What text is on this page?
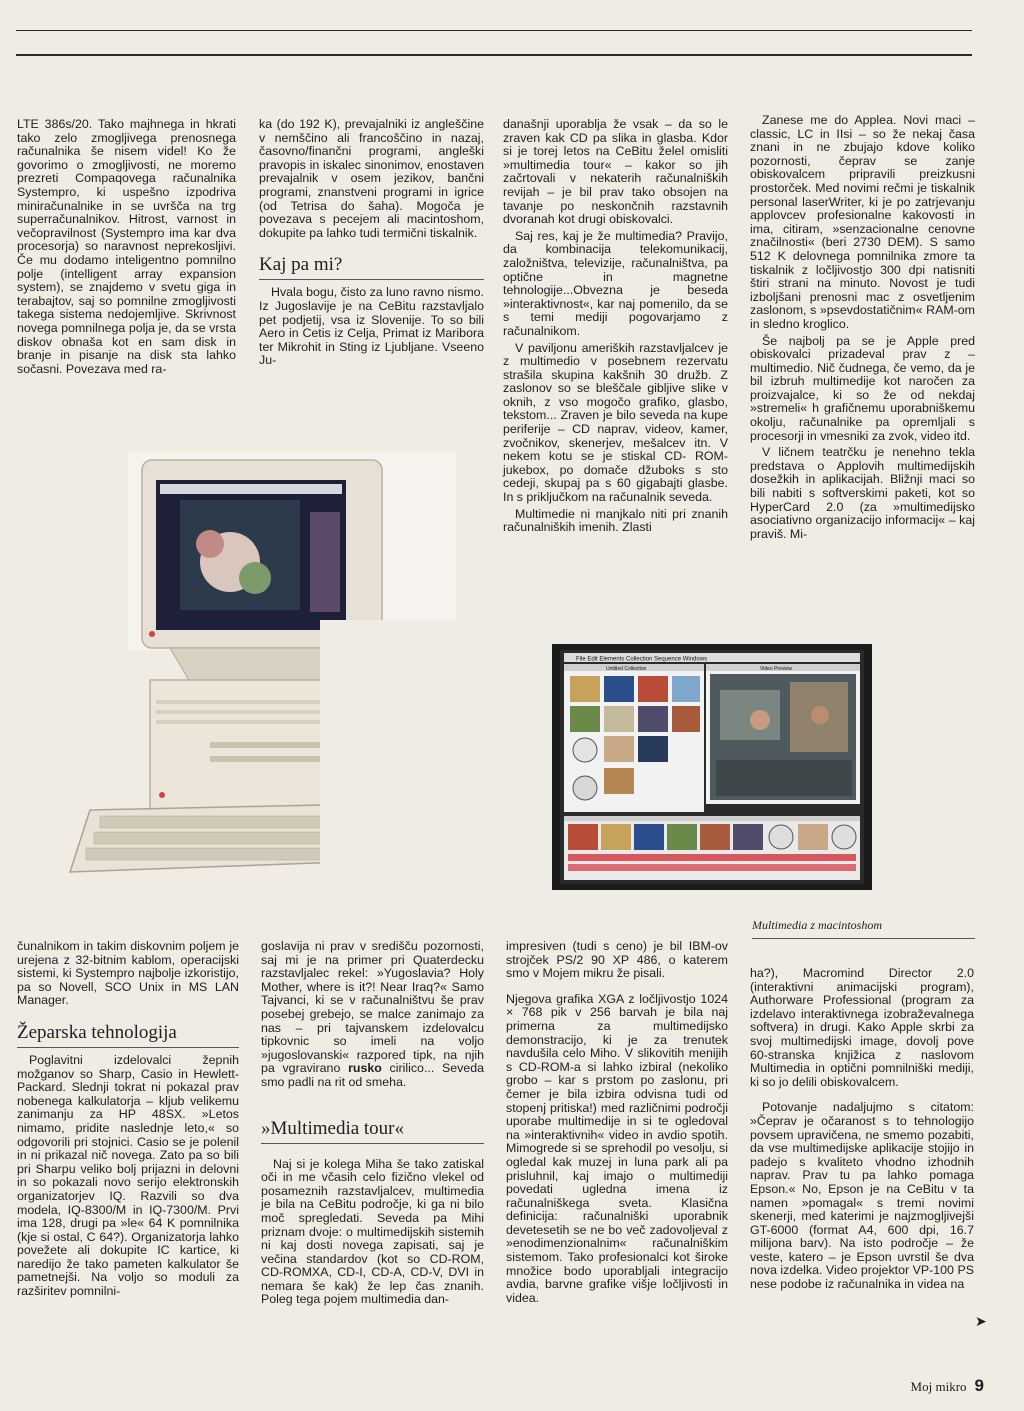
LTE 386s/20. Tako majhnega in hkrati tako zelo zmogljivega prenosnega računalnika še nisem videl! Ko že govorimo o zmogljivosti, ne moremo prezreti Compaqovega računalnika Systempro, ki uspešno izpodriva miniračunalnike in se uvršča na trg superračunalnikov. Hitrost, varnost in večopravilnost (Systempro ima kar dva procesorja) so naravnost neprekosljivi. Če mu dodamo inteligentno pomnilno polje (intelligent array expansion system), se znajdemo v svetu giga in terabajtov, saj so pomnilne zmogljivosti takega sistema nedojemljive. Skrivnost novega pomnilnega polja je, da se vrsta diskov obnaša kot en sam disk in branje in pisanje na disk sta lahko sočasni. Povezava med ra-

ka (do 192 K), prevajalniki iz angleščine v nemščino ali francoščino in nazaj, časovno/finančni programi, angleški pravopis in iskalec sinonimov, enostaven prevajalnik v osem jezikov, bančni programi, znanstveni programi in igrice (od Tetrisa do šaha). Mogoča je povezava s pecejem ali macintoshom, dokupite pa lahko tudi termični tiskalnik.

Kaj pa mi?

Hvala bogu, čisto za luno ravno nismo. Iz Jugoslavije je na CeBitu razstavljalo pet podjetij, vsa iz Slovenije. To so bili Aero in Cetis iz Celja, Primat iz Maribora ter Mikrohit in Sting iz Ljubljane. Vseeno Ju-

današnji uporablja že vsak – da so le zraven kak CD pa slika in glasba. Kdor si je torej letos na CeBitu želel omisliti »multimedia tour« – kakor so jih začrtovali v nekaterih računalniških revijah – je bil prav tako obsojen na tavanje po neskončnih razstavnih dvoranah kot drugi obiskovalci.

Saj res, kaj je že multimedia? Pravijo, da kombinacija telekomunikacij, založništva, televizije, računalništva, pa optične in magnetne tehnologije...Obvezna je beseda »interaktivnost«, kar naj pomenilo, da se s temi mediji pogovarjamo z računalnikom.

V paviljonu ameriških razstavljalcev je z multimedio v posebnem rezervatu strašila skupina kakšnih 30 družb. Z zaslonov so se bleščale gibljive slike v oknih, z vso mogočo grafiko, glasbo, tekstom... Zraven je bilo seveda na kupe periferije – CD naprav, videov, kamer, zvočnikov, skenerjev, mešalcev itn. V nekem kotu se je stiskal CD- ROM-jukebox, po domače džuboks s sto cedeji, skupaj pa s 60 gigabajti glasbe. In s priključkom na računalnik seveda.

Multimedie ni manjkalo niti pri znanih računalniških imenih. Zlasti

Zanese me do Applea. Novi maci – classic, LC in IIsi – so že nekaj časa znani in ne zbujajo kdove koliko pozornosti, čeprav se zanje obiskovalcem pripravili preizkusni prostorček. Med novimi rečmi je tiskalnik personal laserWriter, ki je po zatrjevanju applovcev profesionalne kakovosti in ima, citiram, »senzacionalne cenovne značilnosti« (beri 2730 DEM). S samo 512 K delovnega pomnilnika zmore ta tiskalnik z ločljivostjo 300 dpi natisniti štiri strani na minuto. Novost je tudi izboljšani prenosni mac z osvetljenim zaslonom, s »psevdostatičnim« RAM-om in sledno kroglico.

Še najbolj pa se je Apple pred obiskovalci prizadeval prav z – multimedio. Nič čudnega, če vemo, da je bil izbruh multimedije kot naročen za proizvajalce, ki so že od nekdaj »stremeli« h grafičnemu uporabniškemu okolju, računalnike pa opremljali s procesorji in vmesniki za zvok, video itd.

V ličnem teatrčku je nenehno tekla predstava o Applovih multimedijskih dosežkih in aplikacijah. Bližnji maci so bili nabiti s softverskimi paketi, kot so HyperCard 2.0 (za »multimedijsko asociativno organizacijo informacij« – kaj praviš. Mi-

File Edit Elements Collection Sequence Windows
Untitled Collection	Video Preview
Multimedia z macintoshom

čunalnikom in takim diskovnim poljem je urejena z 32-bitnim kablom, operacijski sistemi, ki Systempro najbolje izkoristijo, pa so Novell, SCO Unix in MS LAN Manager.

Žeparska tehnologija

Poglavitni izdelovalci žepnih možganov so Sharp, Casio in Hewlett- Packard. Slednji tokrat ni pokazal prav nobenega kalkulatorja – kljub velikemu zanimanju za HP 48SX. »Letos nimamo, pridite naslednje leto,« so odgovorili pri stojnici. Casio se je polenil in ni prikazal nič novega. Zato pa so bili pri Sharpu veliko bolj prijazni in delovni in so pokazali novo serijo elektronskih organizatorjev IQ. Razvili so dva modela, IQ-8300/M in IQ-7300/M. Prvi ima 128, drugi pa »le« 64 K pomnilnika (kje si ostal, C 64?). Organizatorja lahko povežete ali dokupite IC kartice, ki naredijo že tako pameten kalkulator še pametnejši. Na voljo so moduli za razširitev pomnilni-

goslavija ni prav v središču pozornosti, saj mi je na primer pri Quaterdecku razstavljalec rekel: »Yugoslavia? Holy Mother, where is it?! Near Iraq?« Samo Tajvanci, ki se v računalništvu še prav posebej grebejo, se malce zanimajo za nas – pri tajvanskem izdelovalcu tipkovnic so imeli na voljo »jugoslovanski« razpored tipk, na njih pa vgravirano rusko cirilico... Seveda smo padli na rit od smeha.

»Multimedia tour«

Naj si je kolega Miha še tako zatiskal oči in me včasih celo fizično vlekel od posameznih razstavljalcev, multimedia je bila na CeBitu področje, ki ga ni bilo moč spregledati. Seveda pa Mihi priznam dvoje: o multimedijskih sistemih ni kaj dosti novega zapisati, saj je večina standardov (kot so CD-ROM, CD-ROMXA, CD-I, CD-A, CD-V, DVI in nemara še kak) že lep čas znanih. Poleg tega pojem multimedia dan-

impresiven (tudi s ceno) je bil IBM-ov strojček PS/2 90 XP 486, o katerem smo v Mojem mikru že pisali.

Njegova grafika XGA z ločljivostjo 1024 × 768 pik v 256 barvah je bila naj primerna za multimedijsko demonstracijo, ki je za trenutek navdušila celo Miho. V slikovitih menijih s CD-ROM-a si lahko izbiral (nekoliko grobo – kar s prstom po zaslonu, pri čemer je bila izbira odvisna tudi od stopenj pritiska!) med različnimi področji uporabe multimedije in si te ogledoval na »interaktivnih« video in avdio spotih. Mimogrede si se sprehodil po vesolju, si ogledal kak muzej in luna park ali pa prisluhnil, kaj imajo o multimediji povedati ugledna imena iz računalniškega sveta. Klasična definicija: računalniški uporabnik devetesetih se ne bo več zadovoljeval z »enodimenzionalnim« računalniškim sistemom. Tako profesionalci kot široke množice bodo uporabljali integracijo avdia, barvne grafike višje ločljivosti in videa.

ha?), Macromind Director 2.0 (interaktivni animacijski program), Authorware Professional (program za izdelavo interaktivnega izobraževalnega softvera) in drugi. Kako Apple skrbi za svoj multimedijski image, dovolj pove 60-stranska knjižica z naslovom Multimedia in optični pomnilniški mediji, ki so jo delili obiskovalcem.

Potovanje nadaljujmo s citatom: »Čeprav je očaranost s to tehnologijo povsem upravičena, ne smemo pozabiti, da vse multimedijske aplikacije stojijo in padejo s kvaliteto vhodno izhodnih naprav. Prav tu pa lahko pomaga Epson.« No, Epson je na CeBitu v ta namen »pomagal« s tremi novimi skenerji, med katerimi je najzmogljivejši GT-6000 (format A4, 600 dpi, 16.7 milijona barv). Na isto področje – že veste, katero – je Epson uvrstil še dva nova izdelka. Video projektor VP-100 PS nese podobe iz računalnika in videa na

➤
Moj mikro 9
